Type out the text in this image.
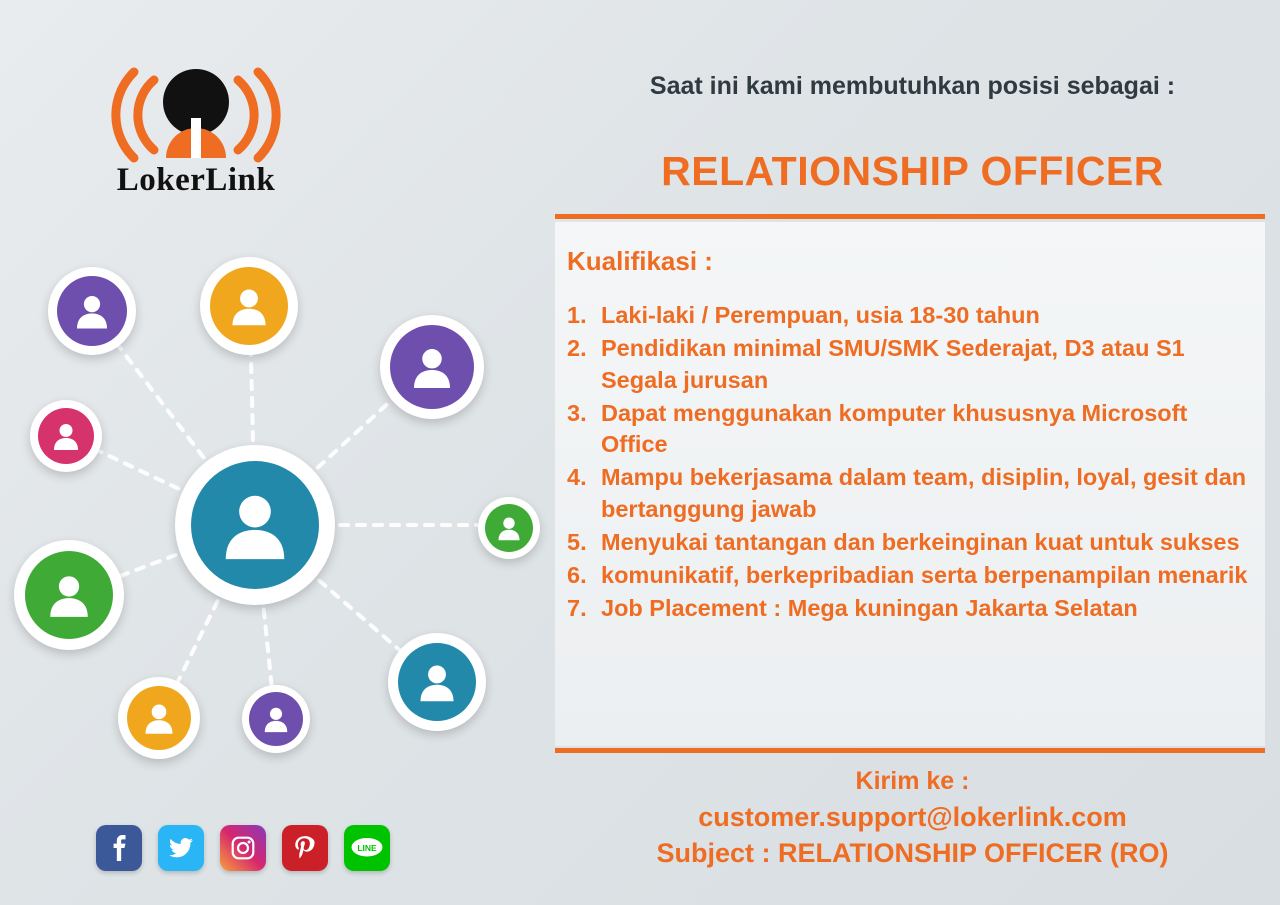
LokerLink
LINE
Saat ini kami membutuhkan posisi sebagai :
RELATIONSHIP OFFICER
Kualifikasi :
1. Laki-laki / Perempuan, usia 18-30 tahun
2. Pendidikan minimal SMU/SMK Sederajat, D3 atau S1 Segala jurusan
3. Dapat menggunakan komputer khususnya Microsoft Office
4. Mampu bekerjasama dalam team, disiplin, loyal, gesit dan bertanggung jawab
5. Menyukai tantangan dan berkeinginan kuat untuk sukses
6. komunikatif, berkepribadian serta berpenampilan menarik
7. Job Placement : Mega kuningan Jakarta Selatan
Kirim ke :
customer.support@lokerlink.com
Subject : RELATIONSHIP OFFICER (RO)
